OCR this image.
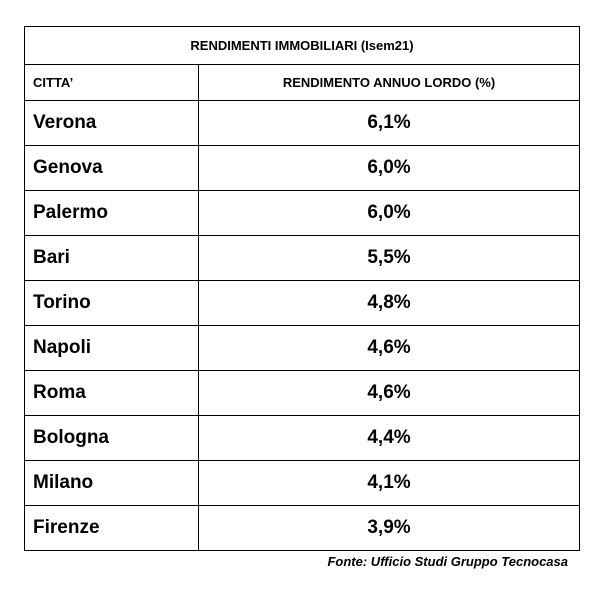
RENDIMENTI IMMOBILIARI (Isem21)	
CITTA’	RENDIMENTO ANNUO LORDO (%)
Verona	6,1%
Genova	6,0%
Palermo	6,0%
Bari	5,5%
Torino	4,8%
Napoli	4,6%
Roma	4,6%
Bologna	4,4%
Milano	4,1%
Firenze	3,9%
Fonte: Ufficio Studi Gruppo Tecnocasa
